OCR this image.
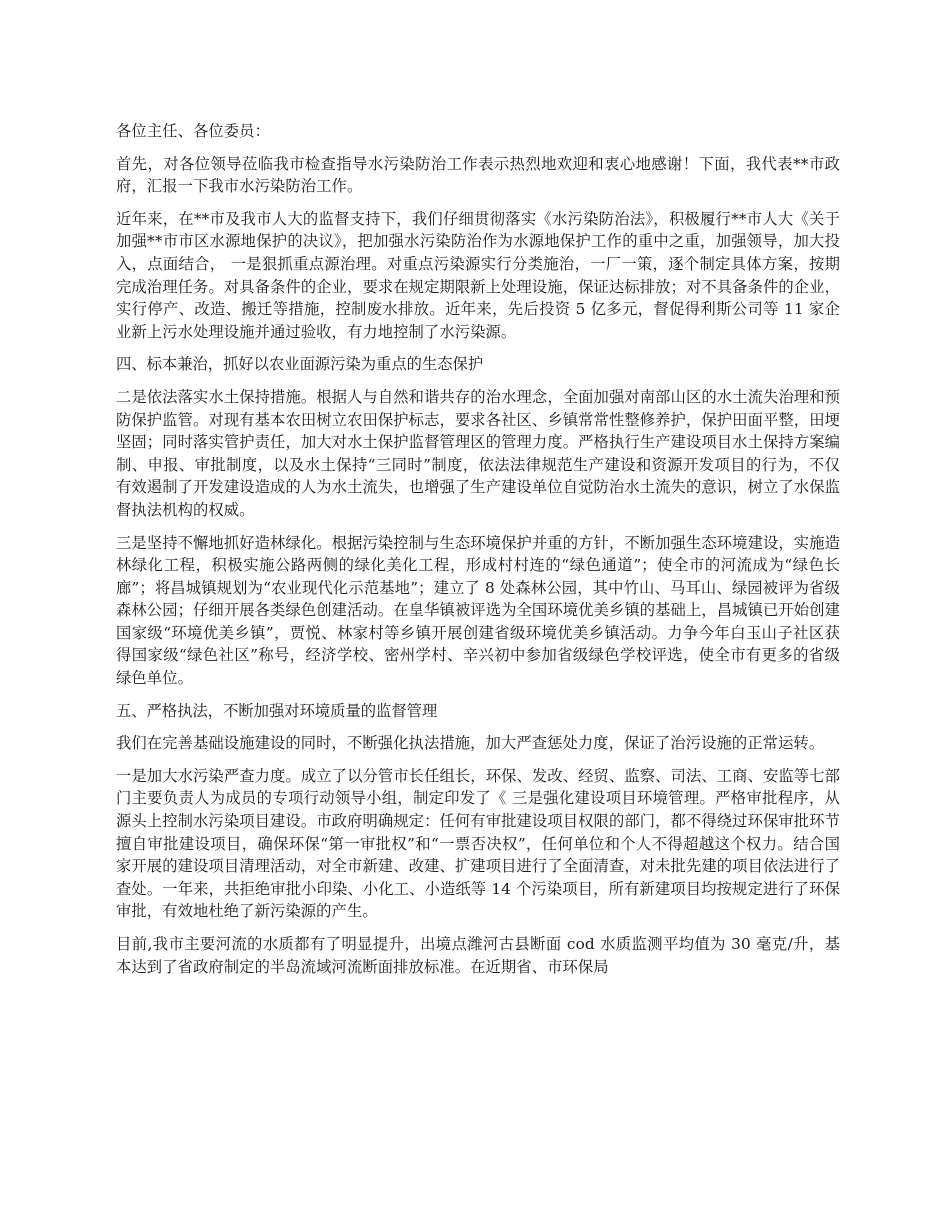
各位主任、各位委员：

首先，对各位领导莅临我市检查指导水污染防治工作表示热烈地欢迎和衷心地感谢！下面，我代表**市政府，汇报一下我市水污染防治工作。

近年来，在**市及我市人大的监督支持下，我们仔细贯彻落实《水污染防治法》，积极履行**市人大《关于加强**市市区水源地保护的决议》，把加强水污染防治作为水源地保护工作的重中之重，加强领导，加大投入，点面结合， 一是狠抓重点源治理。对重点污染源实行分类施治，一厂一策，逐个制定具体方案，按期完成治理任务。对具备条件的企业，要求在规定期限新上处理设施，保证达标排放；对不具备条件的企业，实行停产、改造、搬迁等措施，控制废水排放。近年来，先后投资 5 亿多元，督促得利斯公司等 11 家企业新上污水处理设施并通过验收，有力地控制了水污染源。

四、标本兼治，抓好以农业面源污染为重点的生态保护

二是依法落实水土保持措施。根据人与自然和谐共存的治水理念，全面加强对南部山区的水土流失治理和预防保护监管。对现有基本农田树立农田保护标志，要求各社区、乡镇常常性整修养护，保护田面平整，田埂坚固；同时落实管护责任，加大对水土保护监督管理区的管理力度。严格执行生产建设项目水土保持方案编制、申报、审批制度，以及水土保持“三同时”制度，依法法律规范生产建设和资源开发项目的行为，不仅有效遏制了开发建设造成的人为水土流失，也增强了生产建设单位自觉防治水土流失的意识，树立了水保监督执法机构的权威。

三是坚持不懈地抓好造林绿化。根据污染控制与生态环境保护并重的方针，不断加强生态环境建设，实施造林绿化工程，积极实施公路两侧的绿化美化工程，形成村村连的“绿色通道”；使全市的河流成为“绿色长廊”；将昌城镇规划为“农业现代化示范基地”；建立了 8 处森林公园，其中竹山、马耳山、绿园被评为省级森林公园；仔细开展各类绿色创建活动。在皇华镇被评选为全国环境优美乡镇的基础上，昌城镇已开始创建国家级“环境优美乡镇”，贾悦、林家村等乡镇开展创建省级环境优美乡镇活动。力争今年白玉山子社区获得国家级“绿色社区”称号，经济学校、密州学村、辛兴初中参加省级绿色学校评选，使全市有更多的省级绿色单位。

五、严格执法，不断加强对环境质量的监督管理

我们在完善基础设施建设的同时，不断强化执法措施，加大严查惩处力度，保证了治污设施的正常运转。

一是加大水污染严查力度。成立了以分管市长任组长，环保、发改、经贸、监察、司法、工商、安监等七部门主要负责人为成员的专项行动领导小组，制定印发了《 三是强化建设项目环境管理。严格审批程序，从源头上控制水污染项目建设。市政府明确规定：任何有审批建设项目权限的部门，都不得绕过环保审批环节擅自审批建设项目，确保环保“第一审批权”和“一票否决权”，任何单位和个人不得超越这个权力。结合国家开展的建设项目清理活动，对全市新建、改建、扩建项目进行了全面清查，对未批先建的项目依法进行了查处。一年来，共拒绝审批小印染、小化工、小造纸等 14 个污染项目，所有新建项目均按规定进行了环保审批，有效地杜绝了新污染源的产生。

目前,我市主要河流的水质都有了明显提升，出境点潍河古县断面 cod 水质监测平均值为 30 毫克/升，基本达到了省政府制定的半岛流域河流断面排放标准。在近期省、市环保局
